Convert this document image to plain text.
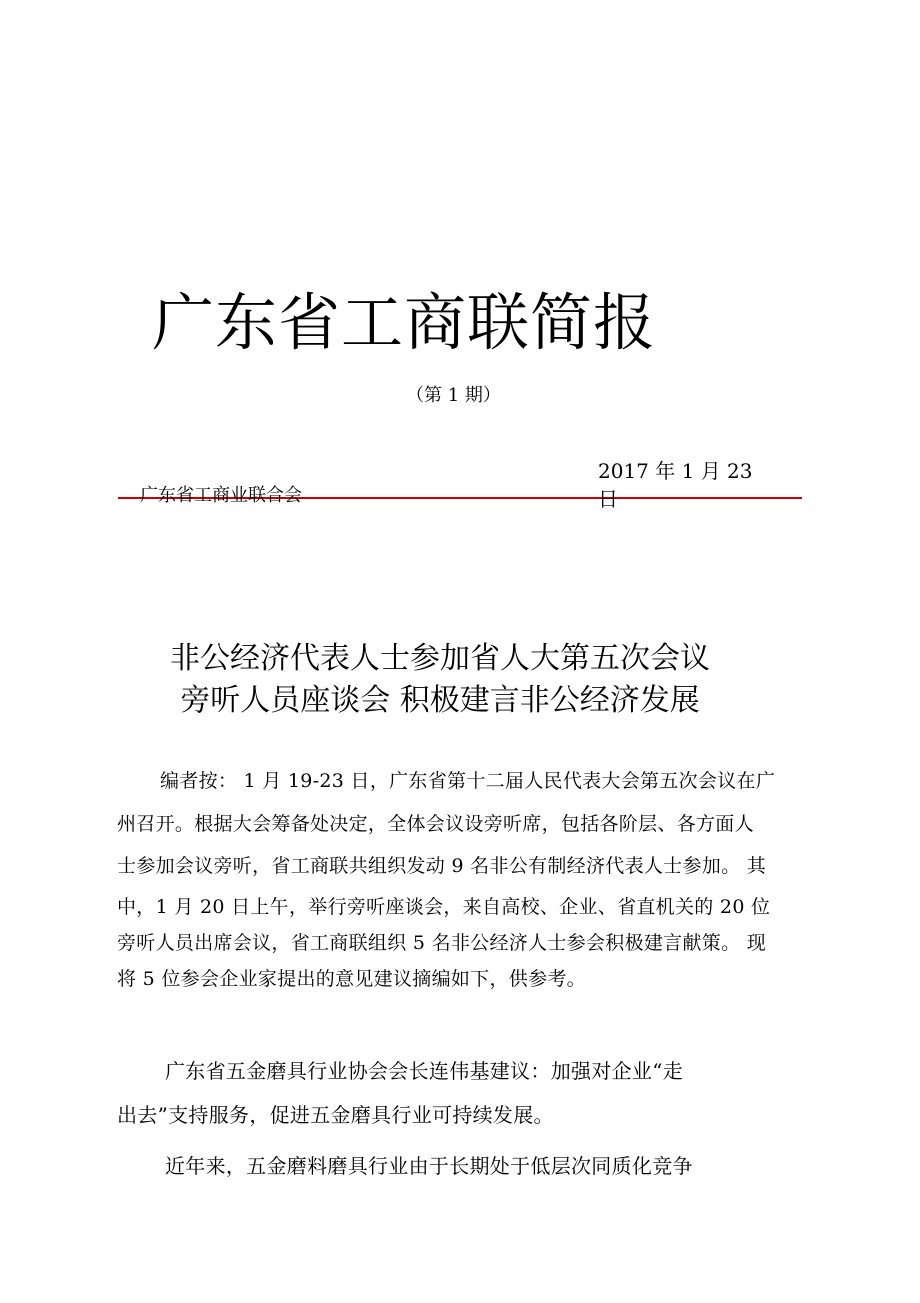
广东省工商联简报
（第 1 期）
广东省工商业联合会
2017 年 1 月 23
日
非公经济代表人士参加省人大第五次会议
旁听人员座谈会 积极建言非公经济发展
编者按： 1 月 19-23 日，广东省第十二届人民代表大会第五次会议在广
州召开。根据大会筹备处决定，全体会议设旁听席，包括各阶层、各方面人
士参加会议旁听，省工商联共组织发动 9 名非公有制经济代表人士参加。 其
中，1 月 20 日上午，举行旁听座谈会，来自高校、企业、省直机关的 20 位
旁听人员出席会议，省工商联组织 5 名非公经济人士参会积极建言献策。 现
将 5 位参会企业家提出的意见建议摘编如下，供参考。
广东省五金磨具行业协会会长连伟基建议：加强对企业“走
出去”支持服务，促进五金磨具行业可持续发展。
近年来，五金磨料磨具行业由于长期处于低层次同质化竞争
